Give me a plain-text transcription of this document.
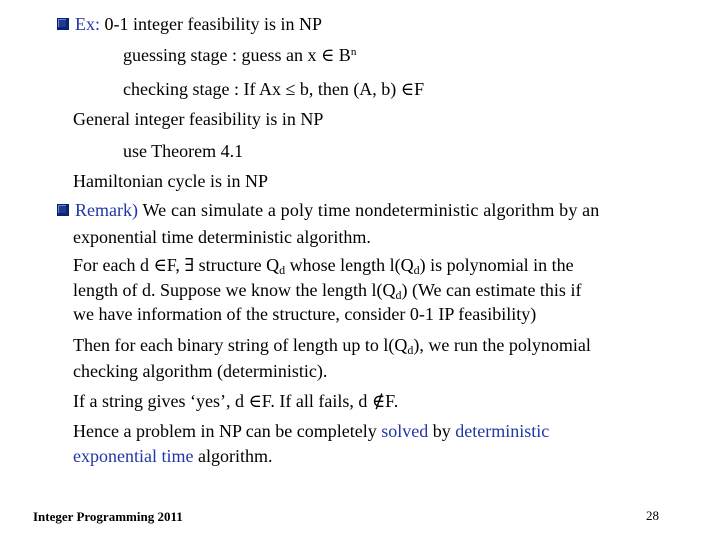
Ex: 0-1 integer feasibility is in NP
guessing stage : guess an x ∈ $B^n$
checking stage : If Ax ≤ b, then (A, b) ∈F
General integer feasibility is in NP
use Theorem 4.1
Hamiltonian cycle is in NP
Remark) We can simulate a poly time nondeterministic algorithm by an
exponential time deterministic algorithm.
For each d ∈F, ∃ structure $Q_d$ whose length $l(Q_d)$ is polynomial in the
length of d. Suppose we know the length $l(Q_d)$ (We can estimate this if
we have information of the structure, consider 0-1 IP feasibility)
Then for each binary string of length up to $l(Q_d)$, we run the polynomial
checking algorithm (deterministic).
If a string gives ‘yes’, d ∈F. If all fails, d ∉F.
Hence a problem in NP can be completely solved by deterministic
exponential time algorithm.
Integer Programming 2011	28
